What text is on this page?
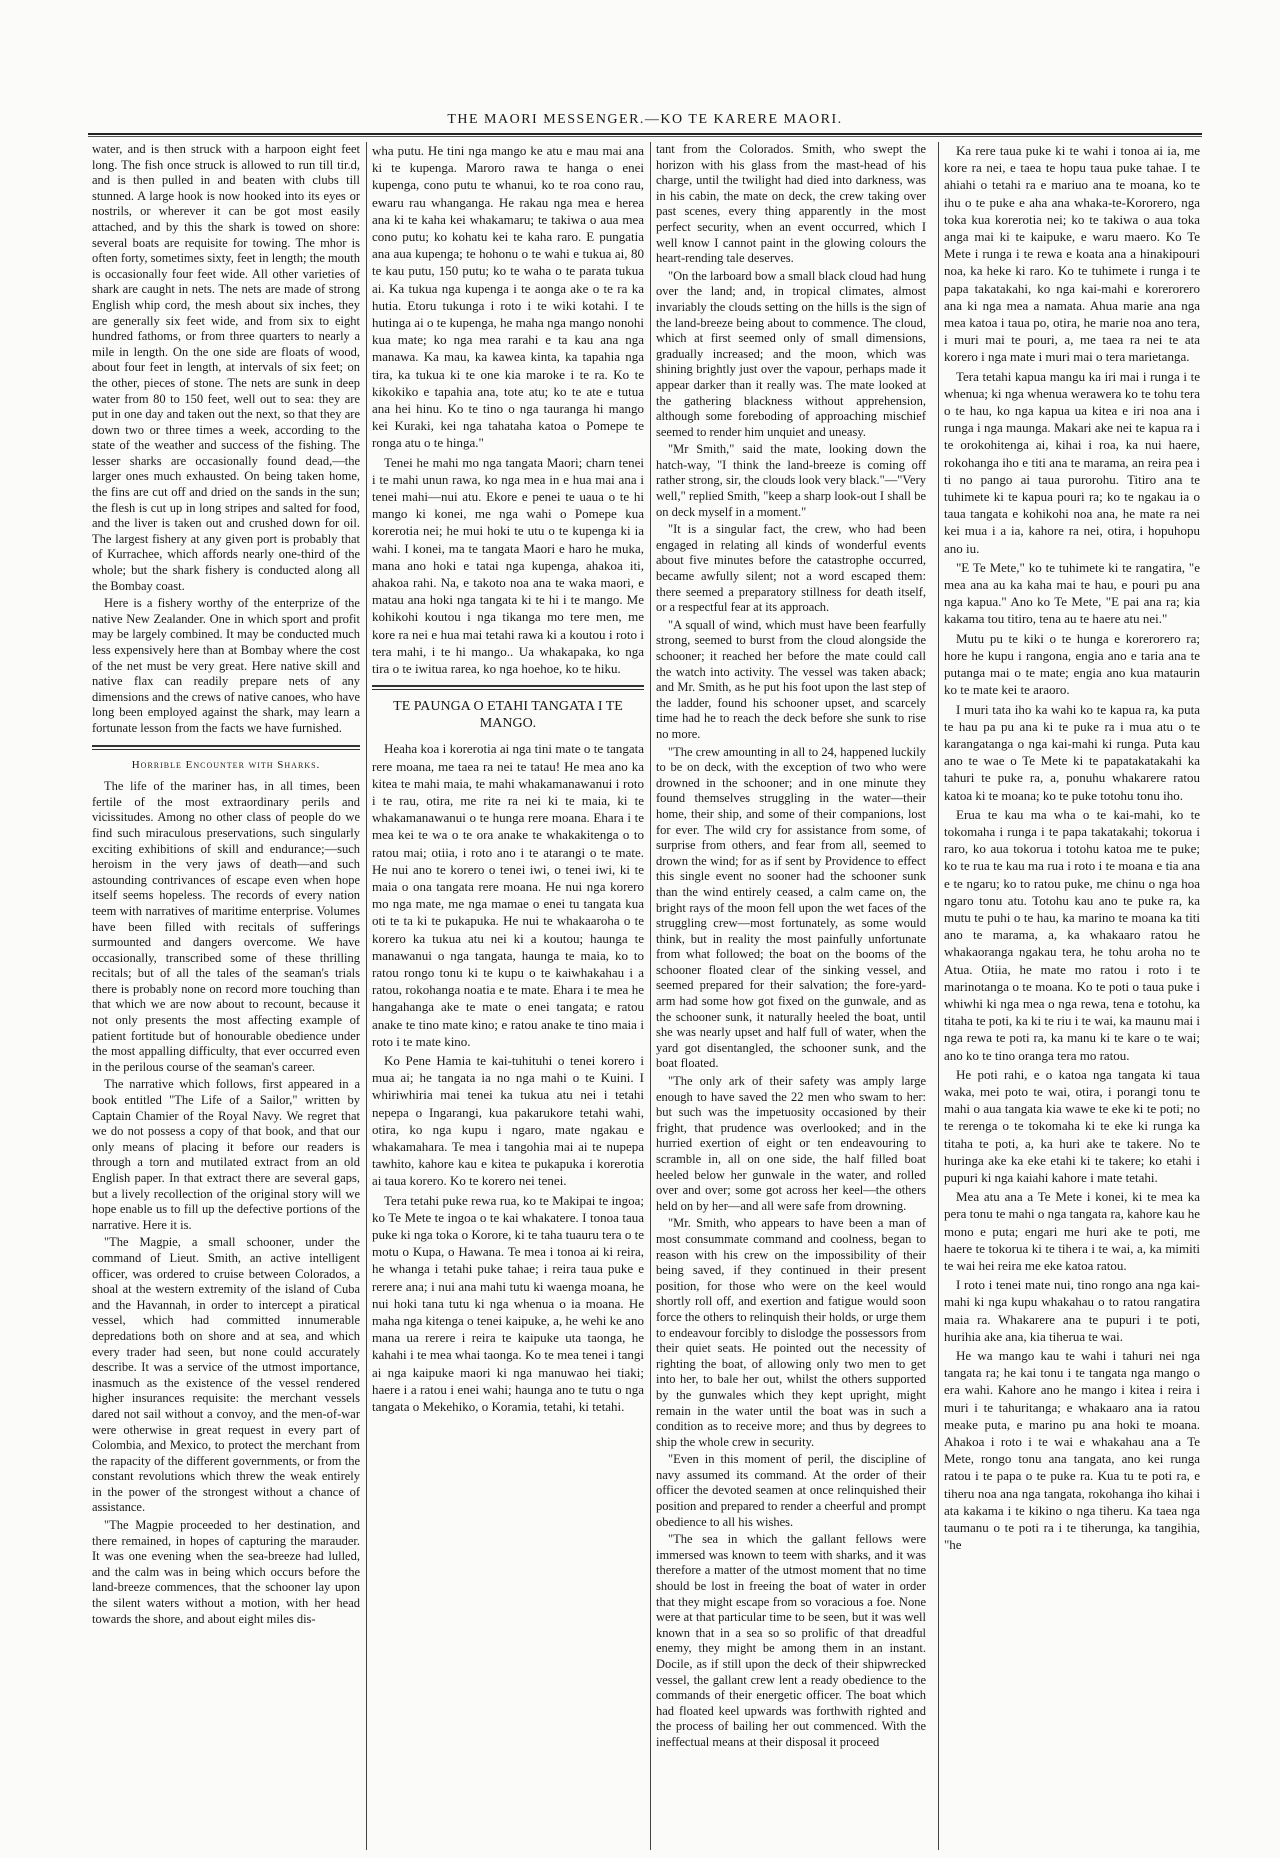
THE MAORI MESSENGER.—KO TE KARERE MAORI.

water, and is then struck with a harpoon eight feet long. The fish once struck is allowed to run till tir.d, and is then pulled in and beaten with clubs till stunned. A large hook is now hooked into its eyes or nostrils, or wherever it can be got most easily attached, and by this the shark is towed on shore: several boats are requisite for towing. The mhor is often forty, sometimes sixty, feet in length; the mouth is occasionally four feet wide. All other varieties of shark are caught in nets. The nets are made of strong English whip cord, the mesh about six inches, they are generally six feet wide, and from six to eight hundred fathoms, or from three quarters to nearly a mile in length. On the one side are floats of wood, about four feet in length, at intervals of six feet; on the other, pieces of stone. The nets are sunk in deep water from 80 to 150 feet, well out to sea: they are put in one day and taken out the next, so that they are down two or three times a week, according to the state of the weather and success of the fishing. The lesser sharks are occasionally found dead,—the larger ones much exhausted. On being taken home, the fins are cut off and dried on the sands in the sun; the flesh is cut up in long stripes and salted for food, and the liver is taken out and crushed down for oil. The largest fishery at any given port is probably that of Kurrachee, which affords nearly one-third of the whole; but the shark fishery is conducted along all the Bombay coast.

Here is a fishery worthy of the enterprize of the native New Zealander. One in which sport and profit may be largely combined. It may be conducted much less expensively here than at Bombay where the cost of the net must be very great. Here native skill and native flax can readily prepare nets of any dimensions and the crews of native canoes, who have long been employed against the shark, may learn a fortunate lesson from the facts we have furnished.

Horrible Encounter with Sharks.

The life of the mariner has, in all times, been fertile of the most extraordinary perils and vicissitudes. Among no other class of people do we find such miraculous preservations, such singularly exciting exhibitions of skill and endurance;—such heroism in the very jaws of death—and such astounding contrivances of escape even when hope itself seems hopeless. The records of every nation teem with narratives of maritime enterprise. Volumes have been filled with recitals of sufferings surmounted and dangers overcome. We have occasionally, transcribed some of these thrilling recitals; but of all the tales of the seaman's trials there is probably none on record more touching than that which we are now about to recount, because it not only presents the most affecting example of patient fortitude but of honourable obedience under the most appalling difficulty, that ever occurred even in the perilous course of the seaman's career.

The narrative which follows, first appeared in a book entitled "The Life of a Sailor," written by Captain Chamier of the Royal Navy. We regret that we do not possess a copy of that book, and that our only means of placing it before our readers is through a torn and mutilated extract from an old English paper. In that extract there are several gaps, but a lively recollection of the original story will we hope enable us to fill up the defective portions of the narrative. Here it is.

"The Magpie, a small schooner, under the command of Lieut. Smith, an active intelligent officer, was ordered to cruise between Colorados, a shoal at the western extremity of the island of Cuba and the Havannah, in order to intercept a piratical vessel, which had committed innumerable depredations both on shore and at sea, and which every trader had seen, but none could accurately describe. It was a service of the utmost importance, inasmuch as the existence of the vessel rendered higher insurances requisite: the merchant vessels dared not sail without a convoy, and the men-of-war were otherwise in great request in every part of Colombia, and Mexico, to protect the merchant from the rapacity of the different governments, or from the constant revolutions which threw the weak entirely in the power of the strongest without a chance of assistance.

"The Magpie proceeded to her destination, and there remained, in hopes of capturing the marauder. It was one evening when the sea-breeze had lulled, and the calm was in being which occurs before the land-breeze commences, that the schooner lay upon the silent waters without a motion, with her head towards the shore, and about eight miles dis-

wha putu. He tini nga mango ke atu e mau mai ana ki te kupenga. Maroro rawa te hanga o enei kupenga, cono putu te whanui, ko te roa cono rau, ewaru rau whanganga. He rakau nga mea e herea ana ki te kaha kei whakamaru; te takiwa o aua mea cono putu; ko kohatu kei te kaha raro. E pungatia ana aua kupenga; te hohonu o te wahi e tukua ai, 80 te kau putu, 150 putu; ko te waha o te parata tukua ai. Ka tukua nga kupenga i te aonga ake o te ra ka hutia. Etoru tukunga i roto i te wiki kotahi. I te hutinga ai o te kupenga, he maha nga mango nonohi kua mate; ko nga mea rarahi e ta kau ana nga manawa. Ka mau, ka kawea kinta, ka tapahia nga tira, ka tukua ki te one kia maroke i te ra. Ko te kikokiko e tapahia ana, tote atu; ko te ate e tutua ana hei hinu. Ko te tino o nga tauranga hi mango kei Kuraki, kei nga tahataha katoa o Pomepe te ronga atu o te hinga."

Tenei he mahi mo nga tangata Maori; charn tenei i te mahi unun rawa, ko nga mea in e hua mai ana i tenei mahi—nui atu. Ekore e penei te uaua o te hi mango ki konei, me nga wahi o Pomepe kua korerotia nei; he mui hoki te utu o te kupenga ki ia wahi. I konei, ma te tangata Maori e haro he muka, mana ano hoki e tatai nga kupenga, ahakoa iti, ahakoa rahi. Na, e takoto noa ana te waka maori, e matau ana hoki nga tangata ki te hi i te mango. Me kohikohi koutou i nga tikanga mo tere men, me kore ra nei e hua mai tetahi rawa ki a koutou i roto i tera mahi, i te hi mango.. Ua whakapaka, ko nga tira o te iwitua rarea, ko nga hoehoe, ko te hiku.

TE PAUNGA O ETAHI TANGATA I TE MANGO.

Heaha koa i korerotia ai nga tini mate o te tangata rere moana, me taea ra nei te tatau! He mea ano ka kitea te mahi maia, te mahi whakamanawanui i roto i te rau, otira, me rite ra nei ki te maia, ki te whakamanawanui o te hunga rere moana. Ehara i te mea kei te wa o te ora anake te whakakitenga o to ratou mai; otiia, i roto ano i te atarangi o te mate. He nui ano te korero o tenei iwi, o tenei iwi, ki te maia o ona tangata rere moana. He nui nga korero mo nga mate, me nga mamae o enei tu tangata kua oti te ta ki te pukapuka. He nui te whakaaroha o te korero ka tukua atu nei ki a koutou; haunga te manawanui o nga tangata, haunga te maia, ko to ratou rongo tonu ki te kupu o te kaiwhakahau i a ratou, rokohanga noatia e te mate. Ehara i te mea he hangahanga ake te mate o enei tangata; e ratou anake te tino mate kino; e ratou anake te tino maia i roto i te mate kino.

Ko Pene Hamia te kai-tuhituhi o tenei korero i mua ai; he tangata ia no nga mahi o te Kuini. I whiriwhiria mai tenei ka tukua atu nei i tetahi nepepa o Ingarangi, kua pakarukore tetahi wahi, otira, ko nga kupu i ngaro, mate ngakau e whakamahara. Te mea i tangohia mai ai te nupepa tawhito, kahore kau e kitea te pukapuka i korerotia ai taua korero. Ko te korero nei tenei.

Tera tetahi puke rewa rua, ko te Makipai te ingoa; ko Te Mete te ingoa o te kai whakatere. I tonoa taua puke ki nga toka o Korore, ki te taha tuauru tera o te motu o Kupa, o Hawana. Te mea i tonoa ai ki reira, he whanga i tetahi puke tahae; i reira taua puke e rerere ana; i nui ana mahi tutu ki waenga moana, he nui hoki tana tutu ki nga whenua o ia moana. He maha nga kitenga o tenei kaipuke, a, he wehi ke ano mana ua rerere i reira te kaipuke uta taonga, he kahahi i te mea whai taonga. Ko te mea tenei i tangi ai nga kaipuke maori ki nga manuwao hei tiaki; haere i a ratou i enei wahi; haunga ano te tutu o nga tangata o Mekehiko, o Koramia, tetahi, ki tetahi.

tant from the Colorados. Smith, who swept the horizon with his glass from the mast-head of his charge, until the twilight had died into darkness, was in his cabin, the mate on deck, the crew taking over past scenes, every thing apparently in the most perfect security, when an event occurred, which I well know I cannot paint in the glowing colours the heart-rending tale deserves.

"On the larboard bow a small black cloud had hung over the land; and, in tropical climates, almost invariably the clouds setting on the hills is the sign of the land-breeze being about to commence. The cloud, which at first seemed only of small dimensions, gradually increased; and the moon, which was shining brightly just over the vapour, perhaps made it appear darker than it really was. The mate looked at the gathering blackness without apprehension, although some foreboding of approaching mischief seemed to render him unquiet and uneasy.

"Mr Smith," said the mate, looking down the hatch-way, "I think the land-breeze is coming off rather strong, sir, the clouds look very black."—"Very well," replied Smith, "keep a sharp look-out I shall be on deck myself in a moment."

"It is a singular fact, the crew, who had been engaged in relating all kinds of wonderful events about five minutes before the catastrophe occurred, became awfully silent; not a word escaped them: there seemed a preparatory stillness for death itself, or a respectful fear at its approach.

"A squall of wind, which must have been fearfully strong, seemed to burst from the cloud alongside the schooner; it reached her before the mate could call the watch into activity. The vessel was taken aback; and Mr. Smith, as he put his foot upon the last step of the ladder, found his schooner upset, and scarcely time had he to reach the deck before she sunk to rise no more.

"The crew amounting in all to 24, happened luckily to be on deck, with the exception of two who were drowned in the schooner; and in one minute they found themselves struggling in the water—their home, their ship, and some of their companions, lost for ever. The wild cry for assistance from some, of surprise from others, and fear from all, seemed to drown the wind; for as if sent by Providence to effect this single event no sooner had the schooner sunk than the wind entirely ceased, a calm came on, the bright rays of the moon fell upon the wet faces of the struggling crew—most fortunately, as some would think, but in reality the most painfully unfortunate from what followed; the boat on the booms of the schooner floated clear of the sinking vessel, and seemed prepared for their salvation; the fore-yard-arm had some how got fixed on the gunwale, and as the schooner sunk, it naturally heeled the boat, until she was nearly upset and half full of water, when the yard got disentangled, the schooner sunk, and the boat floated.

"The only ark of their safety was amply large enough to have saved the 22 men who swam to her: but such was the impetuosity occasioned by their fright, that prudence was overlooked; and in the hurried exertion of eight or ten endeavouring to scramble in, all on one side, the half filled boat heeled below her gunwale in the water, and rolled over and over; some got across her keel—the others held on by her—and all were safe from drowning.

"Mr. Smith, who appears to have been a man of most consummate command and coolness, began to reason with his crew on the impossibility of their being saved, if they continued in their present position, for those who were on the keel would shortly roll off, and exertion and fatigue would soon force the others to relinquish their holds, or urge them to endeavour forcibly to dislodge the possessors from their quiet seats. He pointed out the necessity of righting the boat, of allowing only two men to get into her, to bale her out, whilst the others supported by the gunwales which they kept upright, might remain in the water until the boat was in such a condition as to receive more; and thus by degrees to ship the whole crew in security.

"Even in this moment of peril, the discipline of navy assumed its command. At the order of their officer the devoted seamen at once relinquished their position and prepared to render a cheerful and prompt obedience to all his wishes.

"The sea in which the gallant fellows were immersed was known to teem with sharks, and it was therefore a matter of the utmost moment that no time should be lost in freeing the boat of water in order that they might escape from so voracious a foe. None were at that particular time to be seen, but it was well known that in a sea so so prolific of that dreadful enemy, they might be among them in an instant. Docile, as if still upon the deck of their shipwrecked vessel, the gallant crew lent a ready obedience to the commands of their energetic officer. The boat which had floated keel upwards was forthwith righted and the process of bailing her out commenced. With the ineffectual means at their disposal it proceed

Ka rere taua puke ki te wahi i tonoa ai ia, me kore ra nei, e taea te hopu taua puke tahae. I te ahiahi o tetahi ra e mariuo ana te moana, ko te ihu o te puke e aha ana whaka-te-Kororero, nga toka kua korerotia nei; ko te takiwa o aua toka anga mai ki te kaipuke, e waru maero. Ko Te Mete i runga i te rewa e koata ana a hinakipouri noa, ka heke ki raro. Ko te tuhimete i runga i te papa takatakahi, ko nga kai-mahi e korerorero ana ki nga mea a namata. Ahua marie ana nga mea katoa i taua po, otira, he marie noa ano tera, i muri mai te pouri, a, me taea ra nei te ata korero i nga mate i muri mai o tera marietanga.

Tera tetahi kapua mangu ka iri mai i runga i te whenua; ki nga whenua werawera ko te tohu tera o te hau, ko nga kapua ua kitea e iri noa ana i runga i nga maunga. Makari ake nei te kapua ra i te orokohitenga ai, kihai i roa, ka nui haere, rokohanga iho e titi ana te marama, an reira pea i ti no pango ai taua purorohu. Titiro ana te tuhimete ki te kapua pouri ra; ko te ngakau ia o taua tangata e kohikohi noa ana, he mate ra nei kei mua i a ia, kahore ra nei, otira, i hopuhopu ano iu.

"E Te Mete," ko te tuhimete ki te rangatira, "e mea ana au ka kaha mai te hau, e pouri pu ana nga kapua." Ano ko Te Mete, "E pai ana ra; kia kakama tou titiro, tena au te haere atu nei."

Mutu pu te kiki o te hunga e korerorero ra; hore he kupu i rangona, engia ano e taria ana te putanga mai o te mate; engia ano kua mataurin ko te mate kei te araoro.

I muri tata iho ka wahi ko te kapua ra, ka puta te hau pa pu ana ki te puke ra i mua atu o te karangatanga o nga kai-mahi ki runga. Puta kau ano te wae o Te Mete ki te papatakatakahi ka tahuri te puke ra, a, ponuhu whakarere ratou katoa ki te moana; ko te puke totohu tonu iho.

Erua te kau ma wha o te kai-mahi, ko te tokomaha i runga i te papa takatakahi; tokorua i raro, ko aua tokorua i totohu katoa me te puke; ko te rua te kau ma rua i roto i te moana e tia ana e te ngaru; ko to ratou puke, me chinu o nga hoa ngaro tonu atu. Totohu kau ano te puke ra, ka mutu te puhi o te hau, ka marino te moana ka titi ano te marama, a, ka whakaaro ratou he whakaoranga ngakau tera, he tohu aroha no te Atua. Otiia, he mate mo ratou i roto i te marinotanga o te moana. Ko te poti o taua puke i whiwhi ki nga mea o nga rewa, tena e totohu, ka titaha te poti, ka ki te riu i te wai, ka maunu mai i nga rewa te poti ra, ka manu ki te kare o te wai; ano ko te tino oranga tera mo ratou.

He poti rahi, e o katoa nga tangata ki taua waka, mei poto te wai, otira, i porangi tonu te mahi o aua tangata kia wawe te eke ki te poti; no te rerenga o te tokomaha ki te eke ki runga ka titaha te poti, a, ka huri ake te takere. No te huringa ake ka eke etahi ki te takere; ko etahi i pupuri ki nga kaiahi kahore i mate tetahi.

Mea atu ana a Te Mete i konei, ki te mea ka pera tonu te mahi o nga tangata ra, kahore kau he mono e puta; engari me huri ake te poti, me haere te tokorua ki te tihera i te wai, a, ka mimiti te wai hei reira me eke katoa ratou.

I roto i tenei mate nui, tino rongo ana nga kai-mahi ki nga kupu whakahau o to ratou rangatira maia ra. Whakarere ana te pupuri i te poti, hurihia ake ana, kia tiherua te wai.

He wa mango kau te wahi i tahuri nei nga tangata ra; he kai tonu i te tangata nga mango o era wahi. Kahore ano he mango i kitea i reira i muri i te tahuritanga; e whakaaro ana ia ratou meake puta, e marino pu ana hoki te moana. Ahakoa i roto i te wai e whakahau ana a Te Mete, rongo tonu ana tangata, ano kei runga ratou i te papa o te puke ra. Kua tu te poti ra, e tiheru noa ana nga tangata, rokohanga iho kihai i ata kakama i te kikino o nga tiheru. Ka taea nga taumanu o te poti ra i te tiherunga, ka tangihia, "he
